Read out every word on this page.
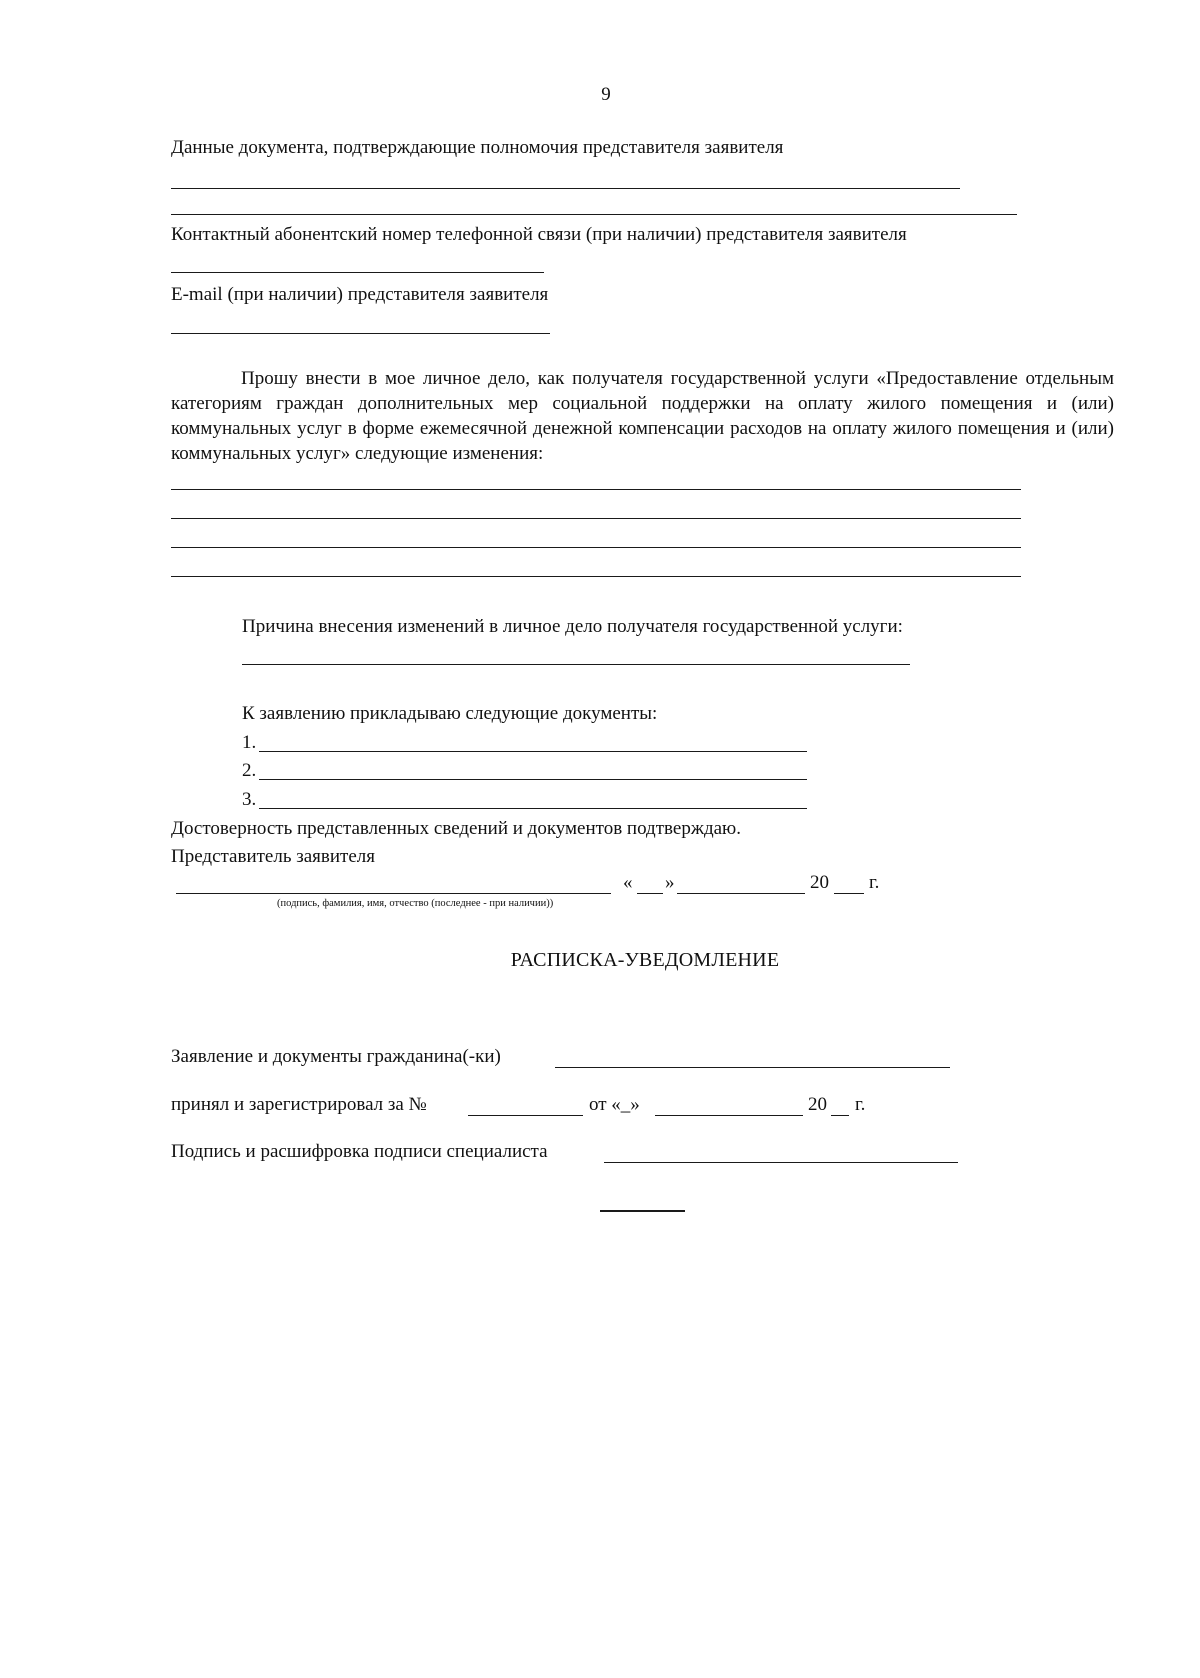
9
Данные документа, подтверждающие полномочия представителя заявителя
Контактный абонентский номер телефонной связи (при наличии) представителя заявителя
E-mail (при наличии) представителя заявителя
Прошу внести в мое личное дело, как получателя государственной услуги «Предоставление отдельным категориям граждан дополнительных мер социальной поддержки на оплату жилого помещения и (или) коммунальных услуг в форме ежемесячной денежной компенсации расходов на оплату жилого помещения и (или) коммунальных услуг» следующие изменения:
Причина внесения изменений в личное дело получателя государственной услуги:
К заявлению прикладываю следующие документы:
1.
2.
3.
Достоверность представленных сведений и документов подтверждаю.
Представитель заявителя
« »	20 г.
(подпись, фамилия, имя, отчество (последнее - при наличии))
РАСПИСКА-УВЕДОМЛЕНИЕ
Заявление и документы гражданина(-ки)
принял и зарегистрировал за №	от «_»	20 г.
Подпись и расшифровка подписи специалиста
